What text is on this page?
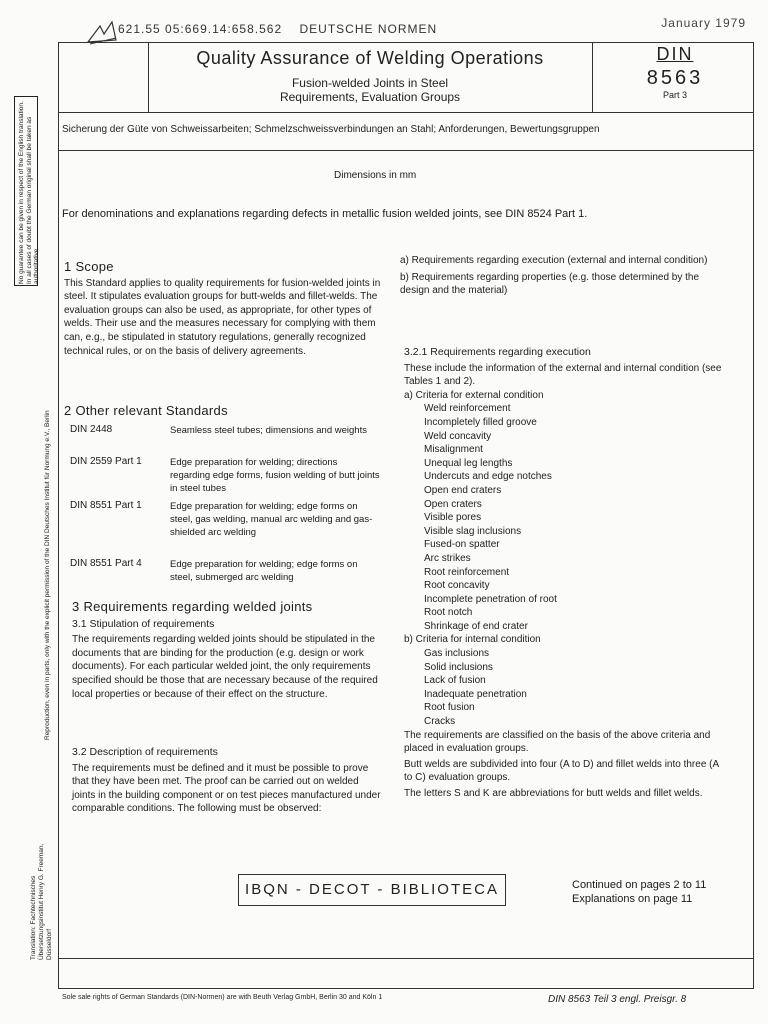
621.55 05:669.14:658.562 DEUTSCHE NORMEN	January 1979
Quality Assurance of Welding Operations
Fusion-welded Joints in Steel
Requirements, Evaluation Groups
DIN
8563
Part 3
Sicherung der Güte von Schweissarbeiten; Schmelzschweissverbindungen an Stahl; Anforderungen, Bewertungsgruppen
Dimensions in mm
For denominations and explanations regarding defects in metallic fusion welded joints, see DIN 8524 Part 1.
1 Scope
This Standard applies to quality requirements for fusion-welded joints in steel. It stipulates evaluation groups for butt-welds and fillet-welds. The evaluation groups can also be used, as appropriate, for other types of welds. Their use and the measures necessary for complying with them can, e.g., be stipulated in statutory regulations, generally recognized technical rules, or on the basis of delivery agreements.
2 Other relevant Standards
DIN 2448	Seamless steel tubes; dimensions and weights
DIN 2559 Part 1	Edge preparation for welding; directions regarding edge forms, fusion welding of butt joints in steel tubes
DIN 8551 Part 1	Edge preparation for welding; edge forms on steel, gas welding, manual arc welding and gas-shielded arc welding
DIN 8551 Part 4	Edge preparation for welding; edge forms on steel, submerged arc welding
3 Requirements regarding welded joints
3.1 Stipulation of requirements
The requirements regarding welded joints should be stipulated in the documents that are binding for the production (e.g. design or work documents). For each particular welded joint, the only requirements specified should be those that are necessary because of the required local properties or because of their effect on the structure.
3.2 Description of requirements
The requirements must be defined and it must be possible to prove that they have been met. The proof can be carried out on welded joints in the building component or on test pieces manufactured under comparable conditions. The following must be observed:
a) Requirements regarding execution (external and internal condition)
b) Requirements regarding properties (e.g. those determined by the design and the material)
3.2.1 Requirements regarding execution
These include the information of the external and internal condition (see Tables 1 and 2).
a) Criteria for external condition
Weld reinforcement
Incompletely filled groove
Weld concavity
Misalignment
Unequal leg lengths
Undercuts and edge notches
Open end craters
Open craters
Visible pores
Visible slag inclusions
Fused-on spatter
Arc strikes
Root reinforcement
Root concavity
Incomplete penetration of root
Root notch
Shrinkage of end crater
b) Criteria for internal condition
Gas inclusions
Solid inclusions
Lack of fusion
Inadequate penetration
Root fusion
Cracks
The requirements are classified on the basis of the above criteria and placed in evaluation groups.
Butt welds are subdivided into four (A to D) and fillet welds into three (A to C) evaluation groups.
The letters S and K are abbreviations for butt welds and fillet welds.
IBQN - DECOT - BIBLIOTECA	Continued on pages 2 to 11
Explanations on page 11
No guarantee can be given in respect of the English translation. In all cases of doubt the German original shall be taken as authoritative.
Reproduction, even in parts, only with the explicit permission of the DIN Deutsches Institut für Normung e.V., Berlin
Translation: Fachtechnisches Übersetzungsinstitut Henry G. Freeman, Düsseldorf
Sole sale rights of German Standards (DIN-Normen) are with Beuth Verlag GmbH, Berlin 30 and Köln 1	DIN 8563 Teil 3 engl. Preisgr. 8
